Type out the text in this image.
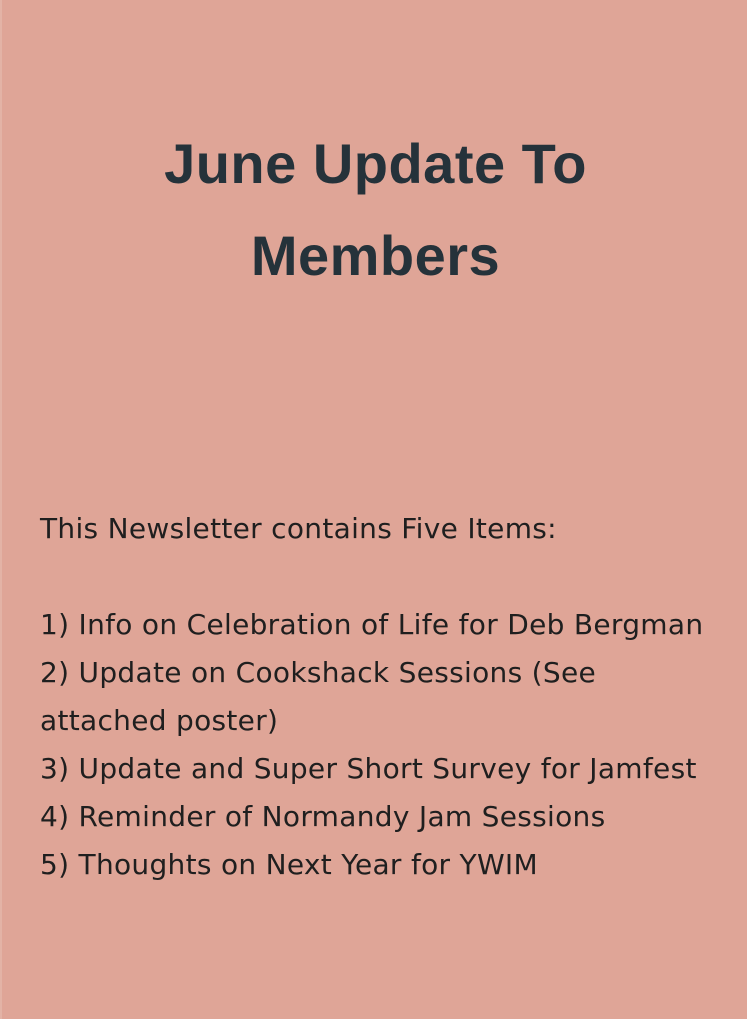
June Update To
Members

This Newsletter contains Five Items:

1) Info on Celebration of Life for Deb Bergman

2) Update on Cookshack Sessions (See attached poster)

3) Update and Super Short Survey for Jamfest

4) Reminder of Normandy Jam Sessions

5) Thoughts on Next Year for YWIM
